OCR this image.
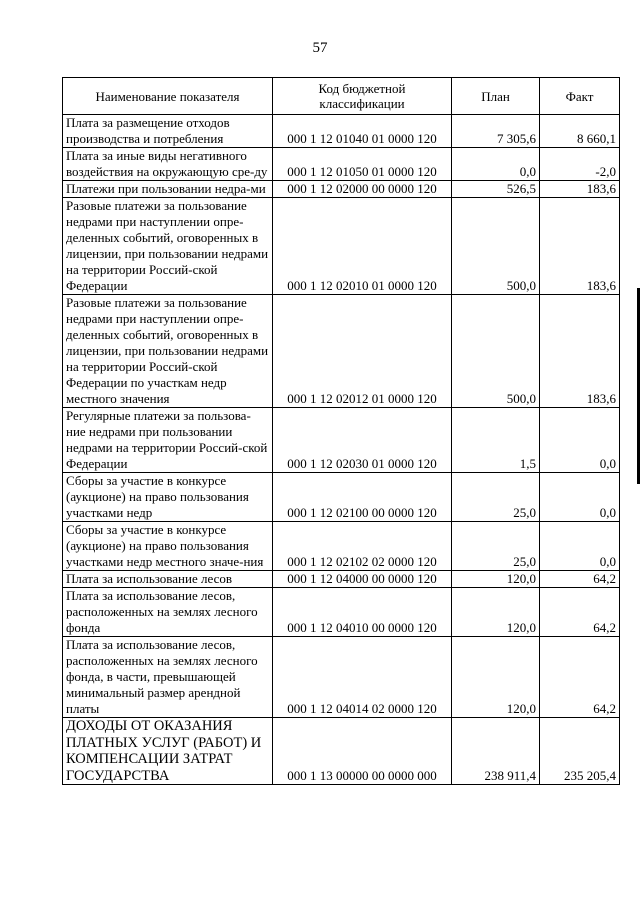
57
Наименование показателя	Код бюджетной классификации	План	Факт
Плата за размещение отходов производства и потребления	000 1 12 01040 01 0000 120	7 305,6	8 660,1
Плата за иные виды негативного воздействия на окружающую сре-ду	000 1 12 01050 01 0000 120	0,0	-2,0
Платежи при пользовании недра-ми	000 1 12 02000 00 0000 120	526,5	183,6
Разовые платежи за пользование недрами при наступлении опре-деленных событий, оговоренных в лицензии, при пользовании недрами на территории Россий-ской Федерации	000 1 12 02010 01 0000 120	500,0	183,6
Разовые платежи за пользование недрами при наступлении опре-деленных событий, оговоренных в лицензии, при пользовании недрами на территории Россий-ской Федерации по участкам недр местного значения	000 1 12 02012 01 0000 120	500,0	183,6
Регулярные платежи за пользова-ние недрами при пользовании недрами на территории Россий-ской Федерации	000 1 12 02030 01 0000 120	1,5	0,0
Сборы за участие в конкурсе (аукционе) на право пользования участками недр	000 1 12 02100 00 0000 120	25,0	0,0
Сборы за участие в конкурсе (аукционе) на право пользования участками недр местного значе-ния	000 1 12 02102 02 0000 120	25,0	0,0
Плата за использование лесов	000 1 12 04000 00 0000 120	120,0	64,2
Плата за использование лесов, расположенных на землях лесного фонда	000 1 12 04010 00 0000 120	120,0	64,2
Плата за использование лесов, расположенных на землях лесного фонда, в части, превышающей минимальный размер арендной платы	000 1 12 04014 02 0000 120	120,0	64,2
ДОХОДЫ ОТ ОКАЗАНИЯ ПЛАТНЫХ УСЛУГ (РАБОТ) И КОМПЕНСАЦИИ ЗАТРАТ ГОСУДАРСТВА	000 1 13 00000 00 0000 000	238 911,4	235 205,4
